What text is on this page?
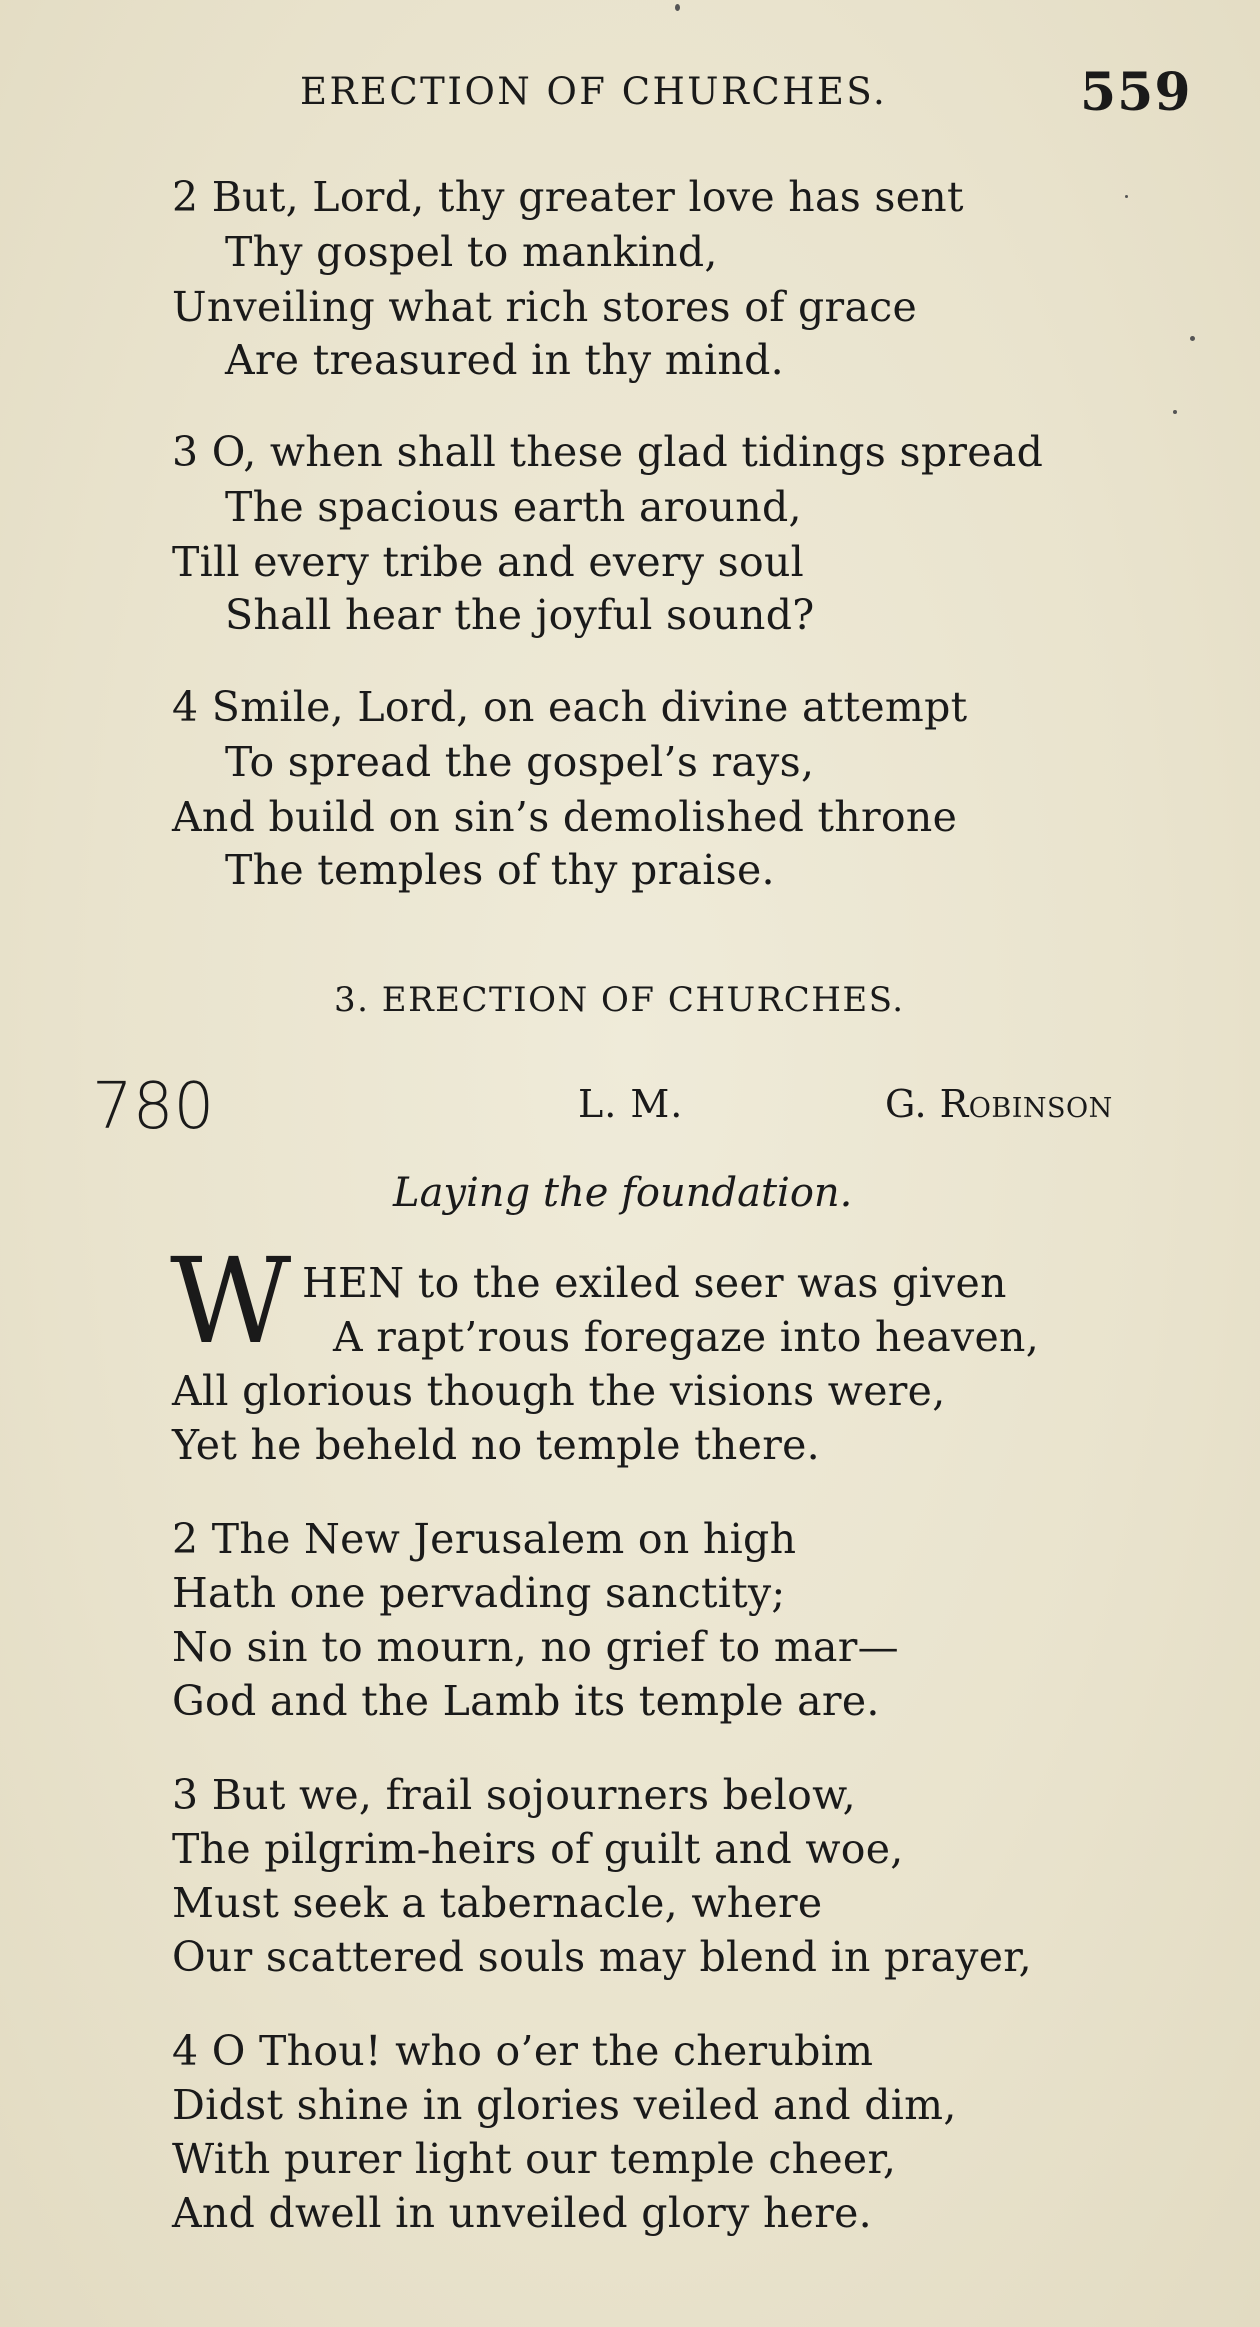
ERECTION OF CHURCHES.	559
2 But, Lord, thy greater love has sent
Thy gospel to mankind,
Unveiling what rich stores of grace
Are treasured in thy mind.
3 O, when shall these glad tidings spread
The spacious earth around,
Till every tribe and every soul
Shall hear the joyful sound?
4 Smile, Lord, on each divine attempt
To spread the gospel’s rays,
And build on sin’s demolished throne
The temples of thy praise.
3. ERECTION OF CHURCHES.
780	L. M.	G. Robinson
Laying the foundation.
W HEN to the exiled seer was given
A rapt’rous foregaze into heaven,
All glorious though the visions were,
Yet he beheld no temple there.
2 The New Jerusalem on high
Hath one pervading sanctity;
No sin to mourn, no grief to mar—
God and the Lamb its temple are.
3 But we, frail sojourners below,
The pilgrim-heirs of guilt and woe,
Must seek a tabernacle, where
Our scattered souls may blend in prayer,
4 O Thou! who o’er the cherubim
Didst shine in glories veiled and dim,
With purer light our temple cheer,
And dwell in unveiled glory here.
